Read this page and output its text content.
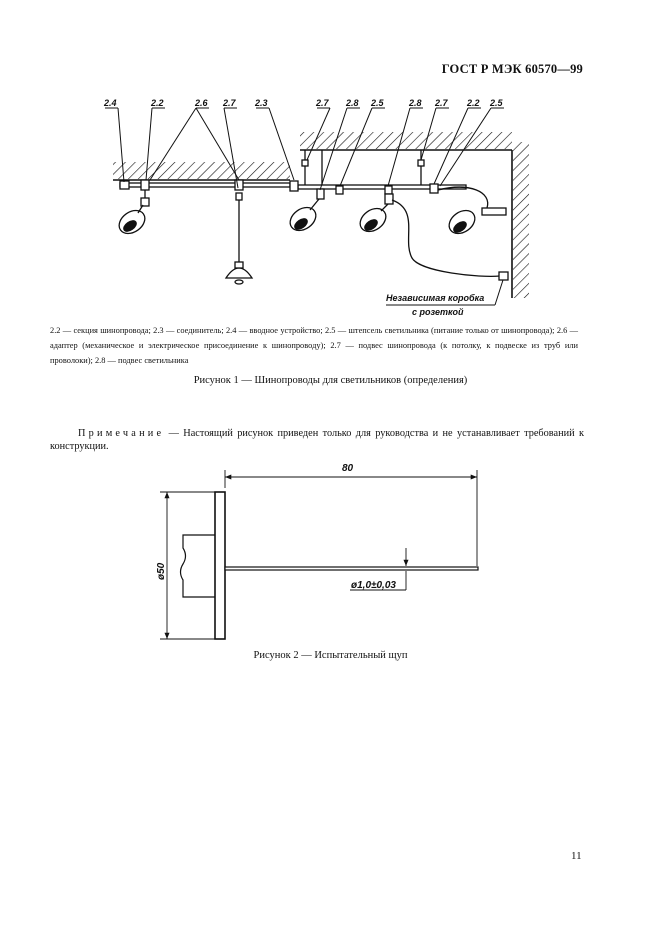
ГОСТ Р МЭК 60570—99
2.4	2.2	2.6 2.7 2.3	2.7 2.8 2.5	2.8 2.7 2.2 2.5
Независимая коробка
с розеткой
2.2 — секция шинопровода; 2.3 — соединитель; 2.4 — вводное устройство; 2.5 — штепсель светильника (питание только от шинопровода); 2.6 — адаптер (механическое и электрическое присоединение к шинопроводу); 2.7 — подвес шинопровода (к потолку, к подвеске из труб или проволоки); 2.8 — подвес светильника
Рисунок 1 — Шинопроводы для светильников (определения)
Примечание — Настоящий рисунок приведен только для руководства и не устанавливает требований к конструкции.
80
ø50
ø1,0±0,03
Рисунок 2 — Испытательный щуп
11
